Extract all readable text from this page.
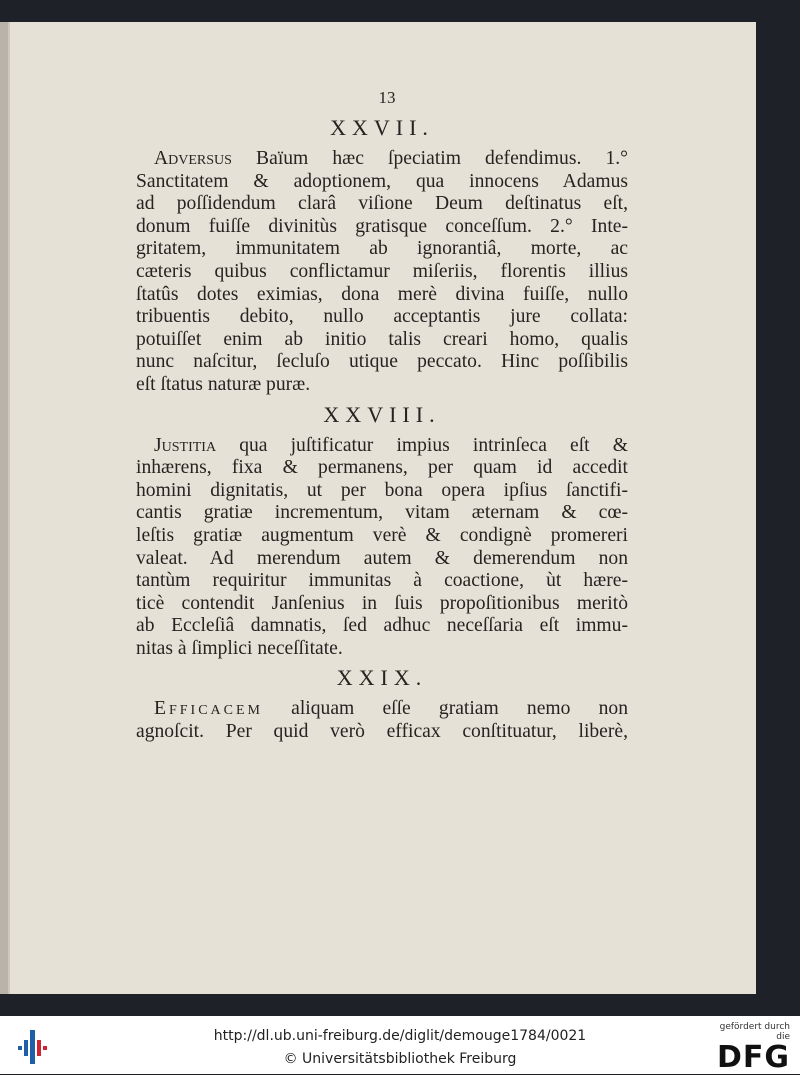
13
XXVII.
Adversus Baïum hæc ſpeciatim defendimus. 1.°
Sanctitatem & adoptionem, qua innocens Adamus
ad poſſidendum clarâ viſione Deum deſtinatus eſt,
donum fuiſſe divinitùs gratisque conceſſum. 2.° Inte-
gritatem, immunitatem ab ignorantiâ, morte, ac
cæteris quibus conflictamur miſeriis, florentis illius
ſtatûs dotes eximias, dona merè divina fuiſſe, nullo
tribuentis debito, nullo acceptantis jure collata:
potuiſſet enim ab initio talis creari homo, qualis
nunc naſcitur, ſecluſo utique peccato. Hinc poſſibilis
eſt ſtatus naturæ puræ.
XXVIII.
Justitia qua juſtificatur impius intrinſeca eſt &
inhærens, fixa & permanens, per quam id accedit
homini dignitatis, ut per bona opera ipſius ſanctifi-
cantis gratiæ incrementum, vitam æternam & cœ-
leſtis gratiæ augmentum verè & condignè promereri
valeat. Ad merendum autem & demerendum non
tantùm requiritur immunitas à coactione, ùt hære-
ticè contendit Janſenius in ſuis propoſitionibus meritò
ab Eccleſiâ damnatis, ſed adhuc neceſſaria eſt immu-
nitas à ſimplici neceſſitate.
XXIX.
Efficacem aliquam eſſe gratiam nemo non
agnoſcit. Per quid verò efficax conſtituatur, liberè,
http://dl.ub.uni-freiburg.de/diglit/demouge1784/0021
© Universitätsbibliothek Freiburg
gefördert durch die
DFG
